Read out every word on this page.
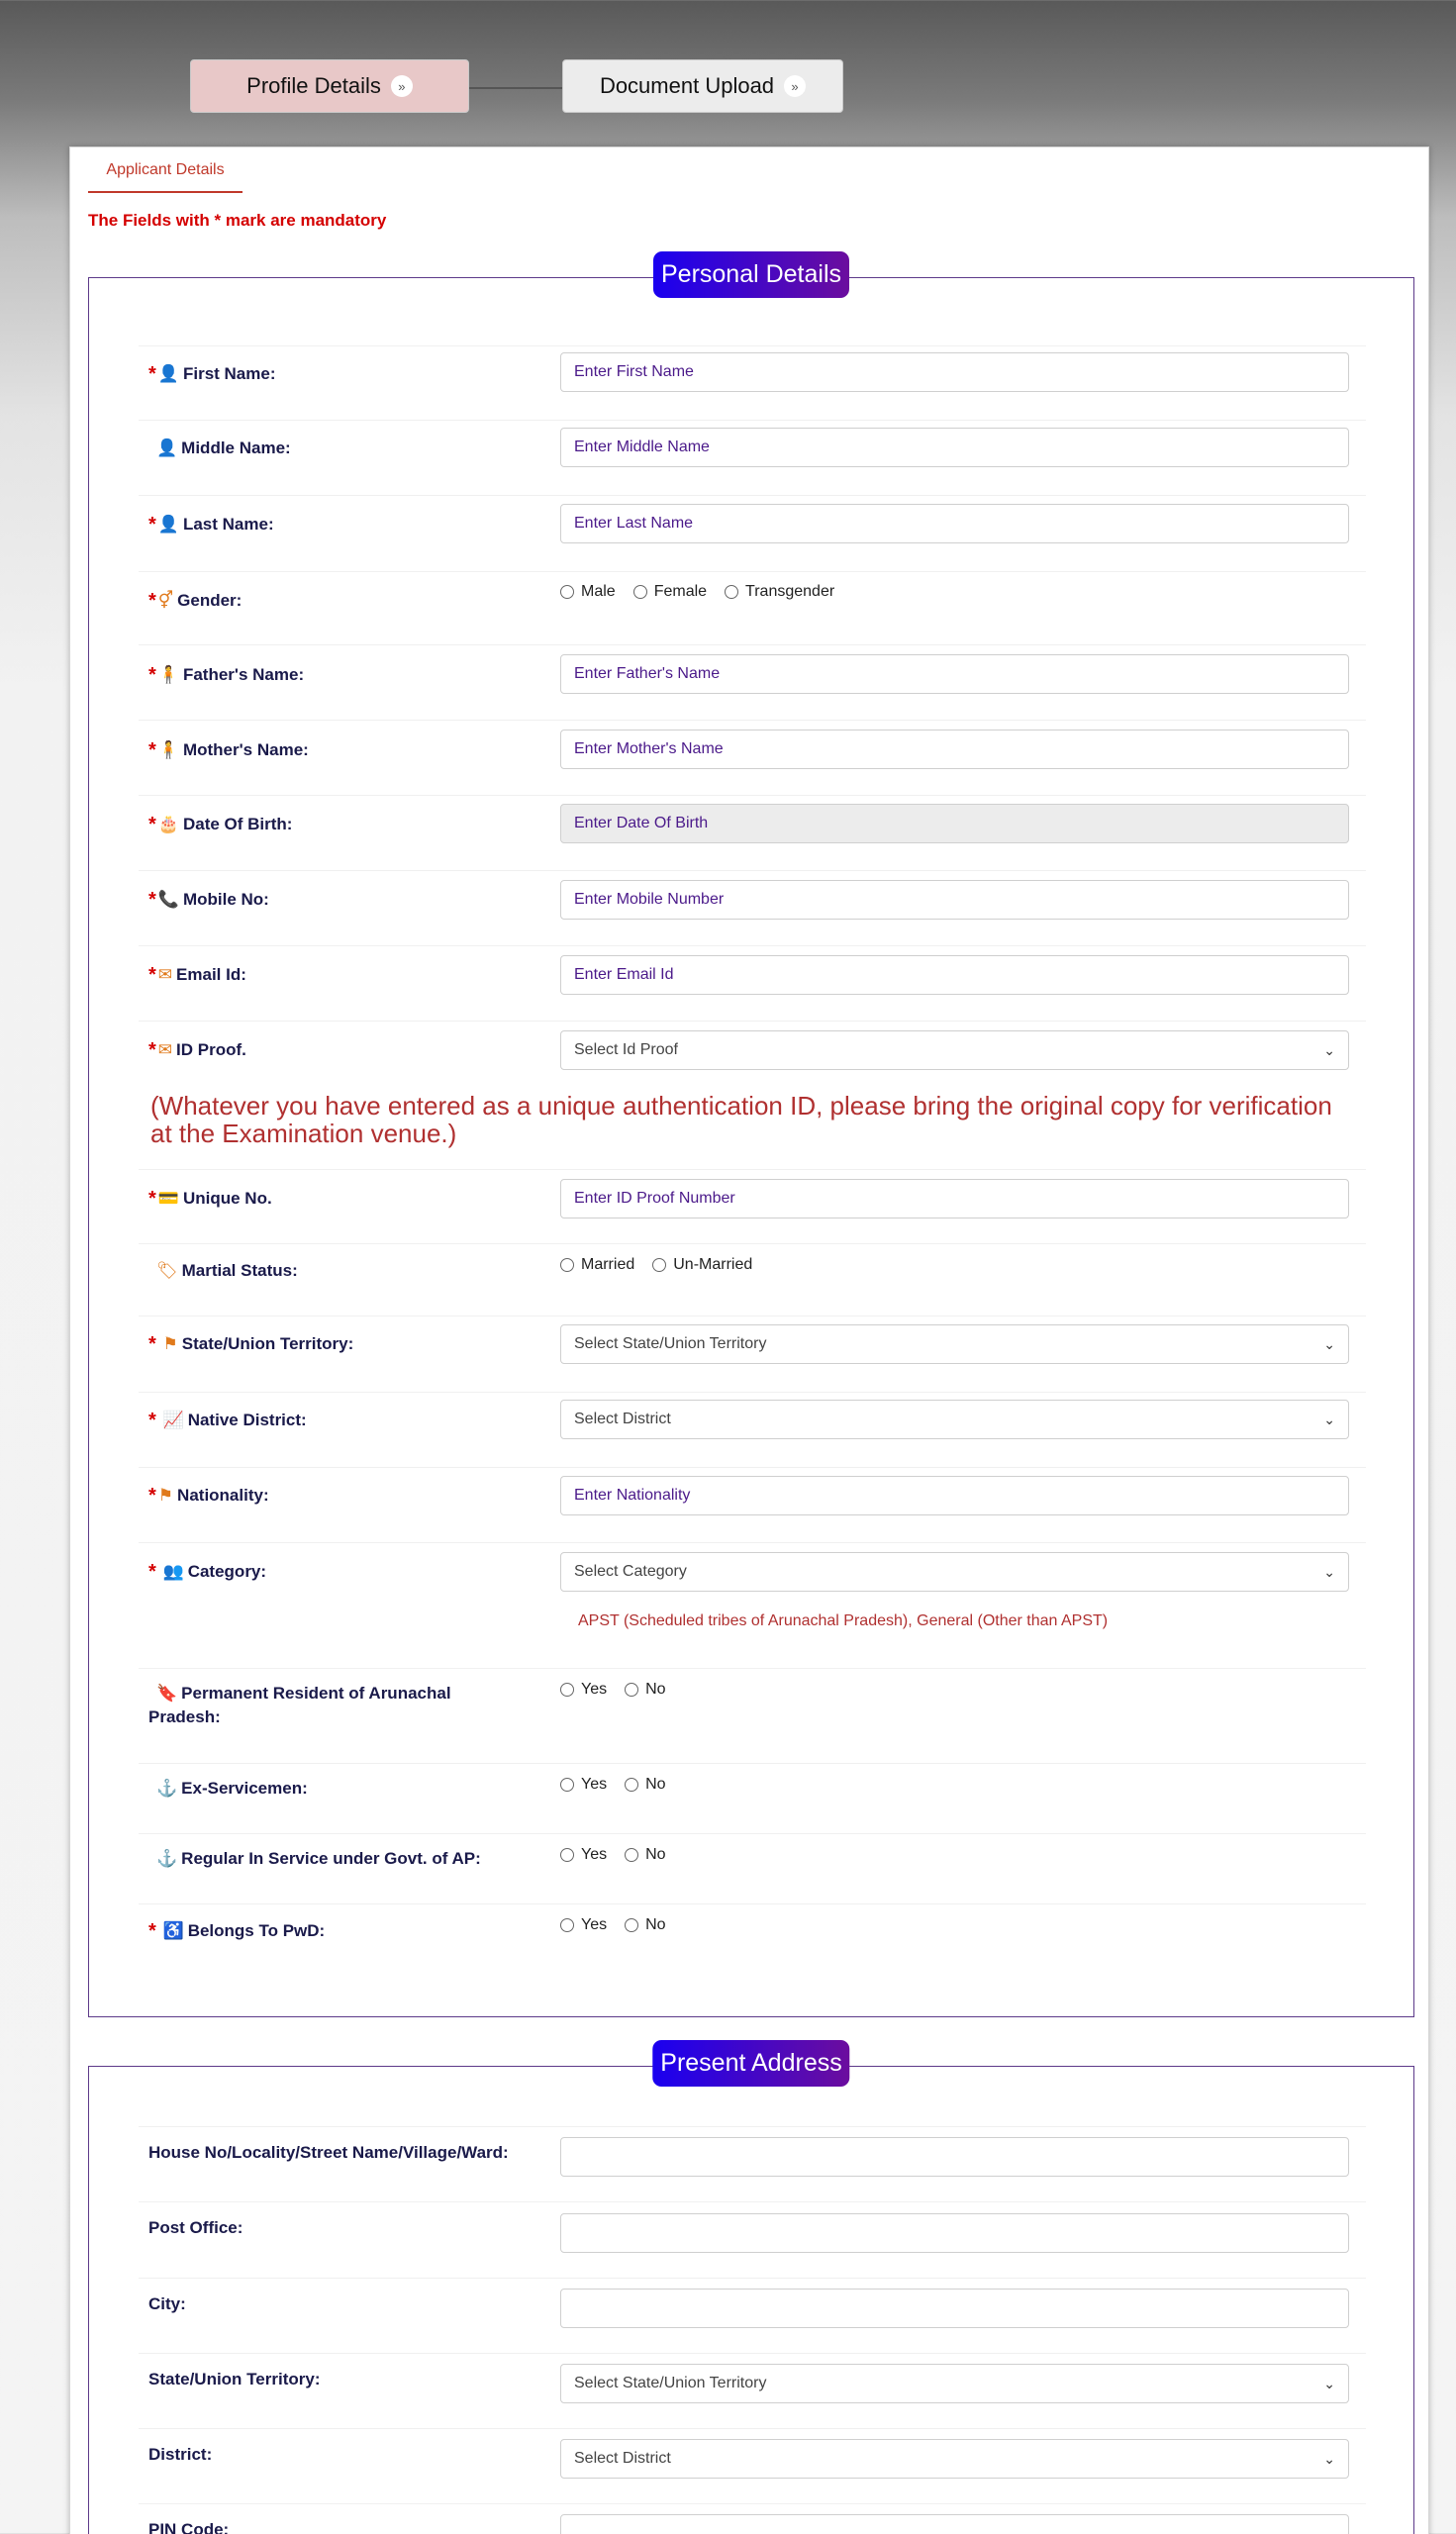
Profile Details	»	Document Upload	»
Applicant Details
The Fields with * mark are mandatory
Personal Details
* 👤 First Name:	Enter First Name
👤 Middle Name:	Enter Middle Name
* 👤 Last Name:	Enter Last Name
* ⚥ Gender:	Male Female Transgender
* 🧍 Father's Name:	Enter Father's Name
* 🧍 Mother's Name:	Enter Mother's Name
* 🎂 Date Of Birth:	Enter Date Of Birth
* 📞 Mobile No:	Enter Mobile Number
* ✉ Email Id:	Enter Email Id
* ✉ ID Proof.	Select Id Proof	⌄
(Whatever you have entered as a unique authentication ID, please bring the original copy for verification at the Examination venue.)
* 💳 Unique No.	Enter ID Proof Number
🏷 Martial Status:	Married Un-Married
* ⚑ State/Union Territory:	Select State/Union Territory	⌄
* 📈 Native District:	Select District	⌄
* ⚑ Nationality:	Enter Nationality
* 👥 Category:	Select Category	⌄
APST (Scheduled tribes of Arunachal Pradesh), General (Other than APST)
🔖 Permanent Resident of Arunachal Pradesh:
Yes No
⚓ Ex-Servicemen:	Yes No
⚓ Regular In Service under Govt. of AP:	Yes No
* ♿ Belongs To PwD:	Yes No
Present Address
House No/Locality/Street Name/Village/Ward:
Post Office:
City:
State/Union Territory:	Select State/Union Territory	⌄
District:	Select District	⌄
PIN Code:
